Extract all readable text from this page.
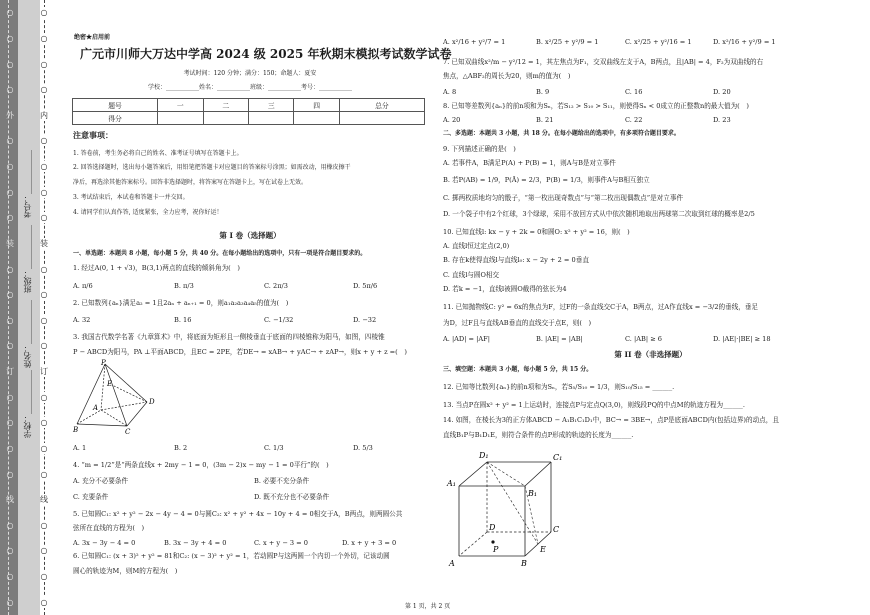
○
○
○
○
外
○
○
○
○
装
○
○
○
○
订
○
○
○
○
线
○
○
○
○
○
○
○
○
内
○
○
○
○
装
○
○
○
○
订
○
○
○
○
线
○
○
○
○
学校：___________
姓名：___________
班级：___________
考号：___________
绝密★启用前
广元市川师大万达中学高 2024 级 2025 年秋期末模拟考试数学试卷
考试时间：120 分钟；满分：150；命题人：夏安
学校：___________姓名：___________班级：___________考号：___________
题号	一	二	三	四	总分
得分					
注意事项：
1. 答卷前，考生务必将自己的姓名、准考证号填写在答题卡上。
2. 回答选择题时，选出每小题答案后，用铅笔把答题卡对应题目的答案标号涂黑；如需改动，用橡皮擦干
净后，再选涂其他答案标号。回答非选择题时，将答案写在答题卡上，写在试卷上无效。
3. 考试结束后，本试卷和答题卡一并交回。
4. 请同学们认真作答, 适度紧张，全力应考，祝你好运！
第 I 卷（选择题）
一、单选题：本题共 8 小题，每小题 5 分，共 40 分。在每小题给出的选项中，只有一项是符合题目要求的。
1. 经过A(0, 1 + √3)，B(3,1)两点的直线的倾斜角为(　)
A. π/6	B. π/3	C. 2π/3	D. 5π/6
2. 已知数列{aₙ}满足a₂ = 1且2aₙ + aₙ₊₁ = 0，则a₁a₂a₃a₄a₅的值为(　)
A. 32	B. 16	C. −1/32	D. −32
3. 我国古代数学名著《九章算术》中，将底面为矩形且一侧棱垂直于底面的四棱锥称为阳马，如图，四棱锥
P − ABCD为阳马，PA ⊥平面ABCD，且EC = 2PE，若DE→ = xAB→ + yAC→ + zAP→，则x + y + z =(　)
P
A
D
E
B	C
A. 1	B. 2	C. 1/3	D. 5/3
4. “m = 1/2”是“两条直线x + 2my − 1 = 0，(3m − 2)x − my − 1 = 0平行”的(　)
A. 充分不必要条件	B. 必要不充分条件
C. 充要条件	D. 既不充分也不必要条件
5. 已知圆C₁: x² + y² − 2x − 4y − 4 = 0与圆C₂: x² + y² + 4x − 10y + 4 = 0相交于A，B两点，则两圆公共
弦所在直线的方程为(　)
A. 3x − 3y − 4 = 0	B. 3x − 3y + 4 = 0	C. x + y − 3 = 0	D. x + y + 3 = 0
6. 已知圆C₁: (x + 3)² + y² = 81和C₂: (x − 3)² + y² = 1，若动圆P与这两圆一个内切一个外切，记该动圆
圆心的轨迹为M，则M的方程为(　)
A. x²/16 + y²/7 = 1	B. x²/25 + y²/9 = 1	C. x²/25 + y²/16 = 1	D. x²/16 + y²/9 = 1
7. 已知双曲线x²/m − y²/12 = 1，其左焦点为F₁，交双曲线左支于A，B两点，且|AB| = 4，F₂为双曲线的右
焦点，△ABF₂的周长为20，则m的值为(　)
A. 8	B. 9	C. 16	D. 20
8. 已知等差数列{aₙ}的前n项和为Sₙ，若S₁₂ > S₁₀ > S₁₁，则使得Sₙ < 0成立的正整数n的最大值为(　)
A. 20	B. 21	C. 22	D. 23
二、多选题：本题共 3 小题，共 18 分。在每小题给出的选项中，有多项符合题目要求。
9. 下列描述正确的是(　)
A. 若事件A，B满足P(A) + P(B) = 1，则A与B是对立事件
B. 若P(AB) = 1/9，P(Ā) = 2/3，P(B) = 1/3，则事件A与B相互独立
C. 掷两枚质地均匀的骰子，“第一枚出现奇数点”与“第二枚出现偶数点”是对立事件
D. 一个袋子中有2个红球，3个绿球，采用不放回方式从中依次随机地取出两球第二次取到红球的概率是2/5
10. 已知直线l: kx − y + 2k = 0和圆O: x² + y² = 16，则(　)
A. 直线l恒过定点(2,0)
B. 存在k使得直线l与直线l₀: x − 2y + 2 = 0垂直
C. 直线l与圆O相交
D. 若k = −1，直线l被圆O截得的弦长为4
11. 已知抛物线C: y² = 6x的焦点为F，过F的一条直线交C于A，B两点，过A作直线x = −3/2的垂线，垂足
为D，过F且与直线AB垂直的直线交于点E，则(　)
A. |AD| = |AF|	B. |AE| = |AB|	C. |AB| ≥ 6	D. |AE|·|BE| ≥ 18
第 II 卷（非选择题）
三、填空题：本题共 3 小题，每小题 5 分，共 15 分。
12. 已知等比数列{aₙ}的前n项和为Sₙ，若S₅/S₁₀ = 1/3，则S₁₀/S₁₅ = ______.
13. 当点P在圆x² + y² = 1上运动时，连接点P与定点Q(3,0)，则线段PQ的中点M的轨迹方程为______.
14. 如图，在棱长为3的正方体ABCD − A₁B₁C₁D₁中，BC→ = 3BE→，点P是底面ABCD内(包括边界)的动点，且
直线B₁P与B₁D₁E，则符合条件的点P形成的轨迹的长度为______.
D₁	C₁
A₁
B₁
D	C
P
A	B
E
第 1 页，共 2 页
